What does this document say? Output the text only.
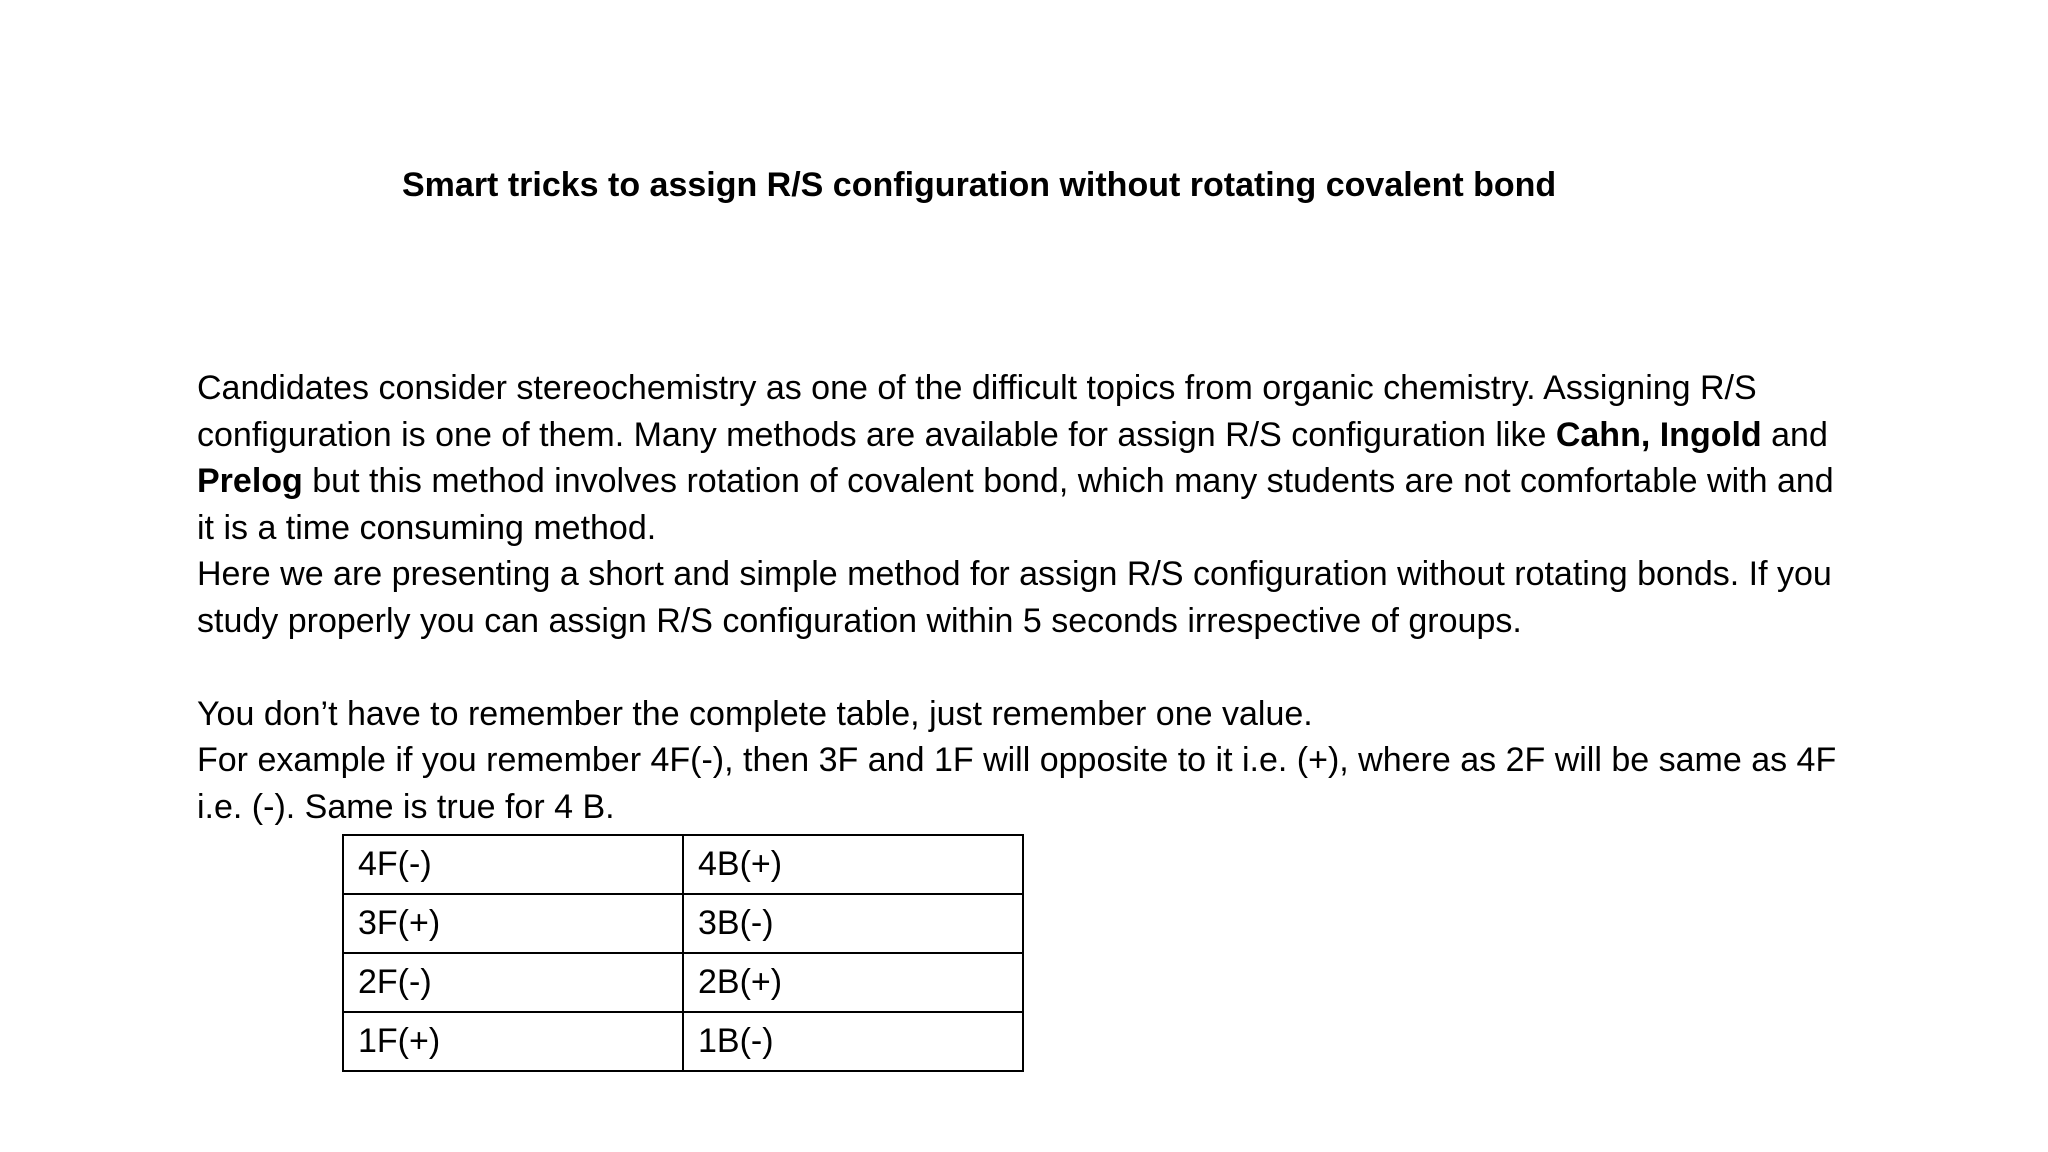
Smart tricks to assign R/S configuration without rotating covalent bond

Candidates consider stereochemistry as one of the difficult topics from organic chemistry. Assigning R/S configuration is one of them. Many methods are available for assign R/S configuration like Cahn, Ingold and Prelog but this method involves rotation of covalent bond, which many students are not comfortable with and it is a time consuming method.

Here we are presenting a short and simple method for assign R/S configuration without rotating bonds. If you study properly you can assign R/S configuration within 5 seconds irrespective of groups.

You don’t have to remember the complete table, just remember one value.

For example if you remember 4F(-), then 3F and 1F will opposite to it i.e. (+), where as 2F will be same as 4F i.e. (-). Same is true for 4 B.

4F(-)	4B(+)
3F(+)	3B(-)
2F(-)	2B(+)
1F(+)	1B(-)
